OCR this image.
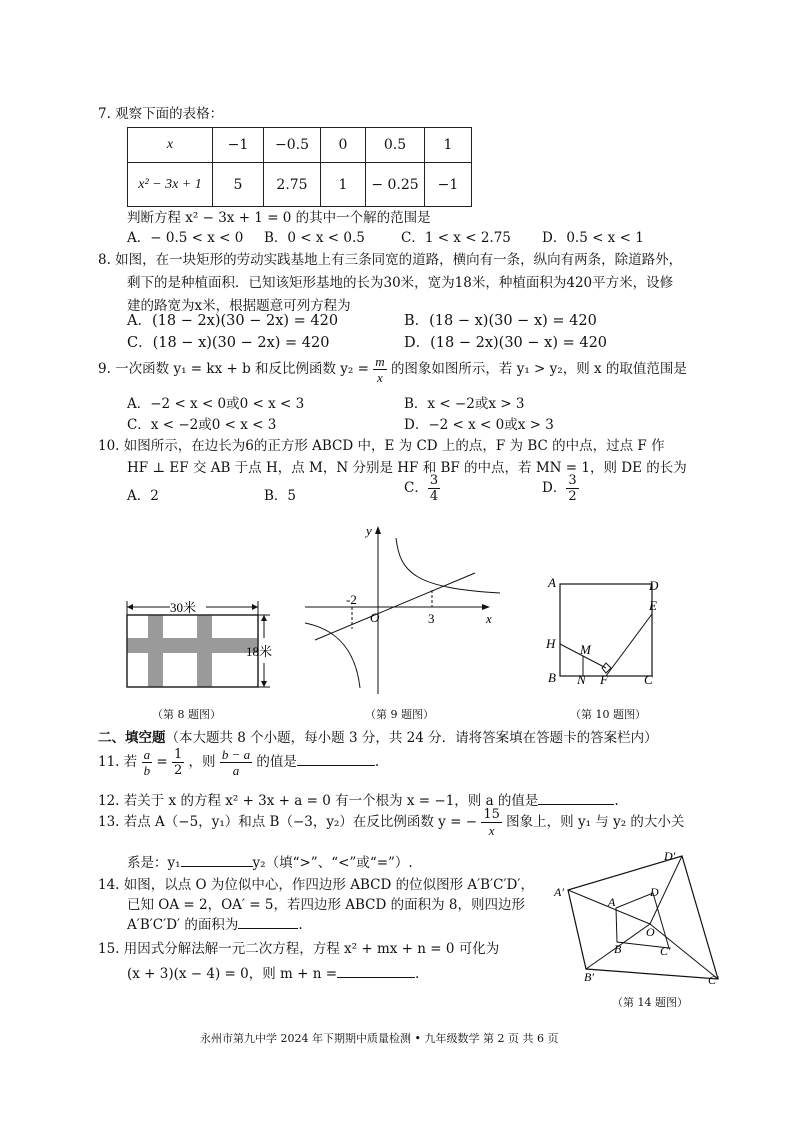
7. 观察下面的表格：
x	−1	−0.5	0	0.5	1
x² − 3x + 1	5	2.75	1	− 0.25	−1
判断方程 x² − 3x + 1 = 0 的其中一个解的范围是
A．− 0.5 < x < 0 B．0 < x < 0.5	C．1 < x < 2.75 D．0.5 < x < 1
8. 如图，在一块矩形的劳动实践基地上有三条同宽的道路，横向有一条，纵向有两条，除道路外，
剩下的是种植面积．已知该矩形基地的长为30米，宽为18米，种植面积为420平方米，设修
建的路宽为x米，根据题意可列方程为
A．(18 − 2x)(30 − 2x) = 420	B．(18 − x)(30 − x) = 420
C．(18 − x)(30 − 2x) = 420	D．(18 − 2x)(30 − x) = 420
9. 一次函数 y₁ = kx + b 和反比例函数 $y_2 = \frac{m}{x}$ 的图象如图所示，若 y₁ > y₂，则 x 的取值范围是
A．−2 < x < 0或0 < x < 3	B．x < −2或x > 3
C．x < −2或0 < x < 3	D．−2 < x < 0或x > 3
10. 如图所示，在边长为6的正方形 ABCD 中，E 为 CD 上的点，F 为 BC 的中点，过点 F 作
HF ⊥ EF 交 AB 于点 H，点 M，N 分别是 HF 和 BF 的中点，若 MN = 1，则 DE 的长为
A．2	B．5	C． $\frac{3}{4}$	D． $\frac{3}{2}$
30米
18米
（第 8 题图）
y
x
O
-2
3
（第 9 题图）
A	D
E
H M
B N F	C
（第 10 题图）
二、填空题（本大题共 8 个小题，每小题 3 分，共 24 分．请将答案填在答题卡的答案栏内）
11. 若 $\frac{a}{b} = \frac{1}{2}$ ，则 $\frac{b - a}{a}$ 的值是	.
12. 若关于 x 的方程 x² + 3x + a = 0 有一个根为 x = −1，则 a 的值是	.
13. 若点 A（−5，y₁）和点 B（−3，y₂）在反比例函数 y = − $\frac{15}{x}$ 图象上，则 y₁ 与 y₂ 的大小关
系是：y₁	y₂（填“>”、“<”或“=”）.
14. 如图，以点 O 为位似中心，作四边形 ABCD 的位似图形 A′B′C′D′，
已知 OA = 2，OA′ = 5，若四边形 ABCD 的面积为 8，则四边形
A′B′C′D′ 的面积为	.
15. 用因式分解法解一元二次方程，方程 x² + mx + n = 0 可化为
(x + 3)(x − 4) = 0，则 m + n =	.
D′
A′
A
D
O
B	C′
B′	C′
（第 14 题图）
永州市第九中学 2024 年下期期中质量检测 • 九年级数学 第 2 页 共 6 页
